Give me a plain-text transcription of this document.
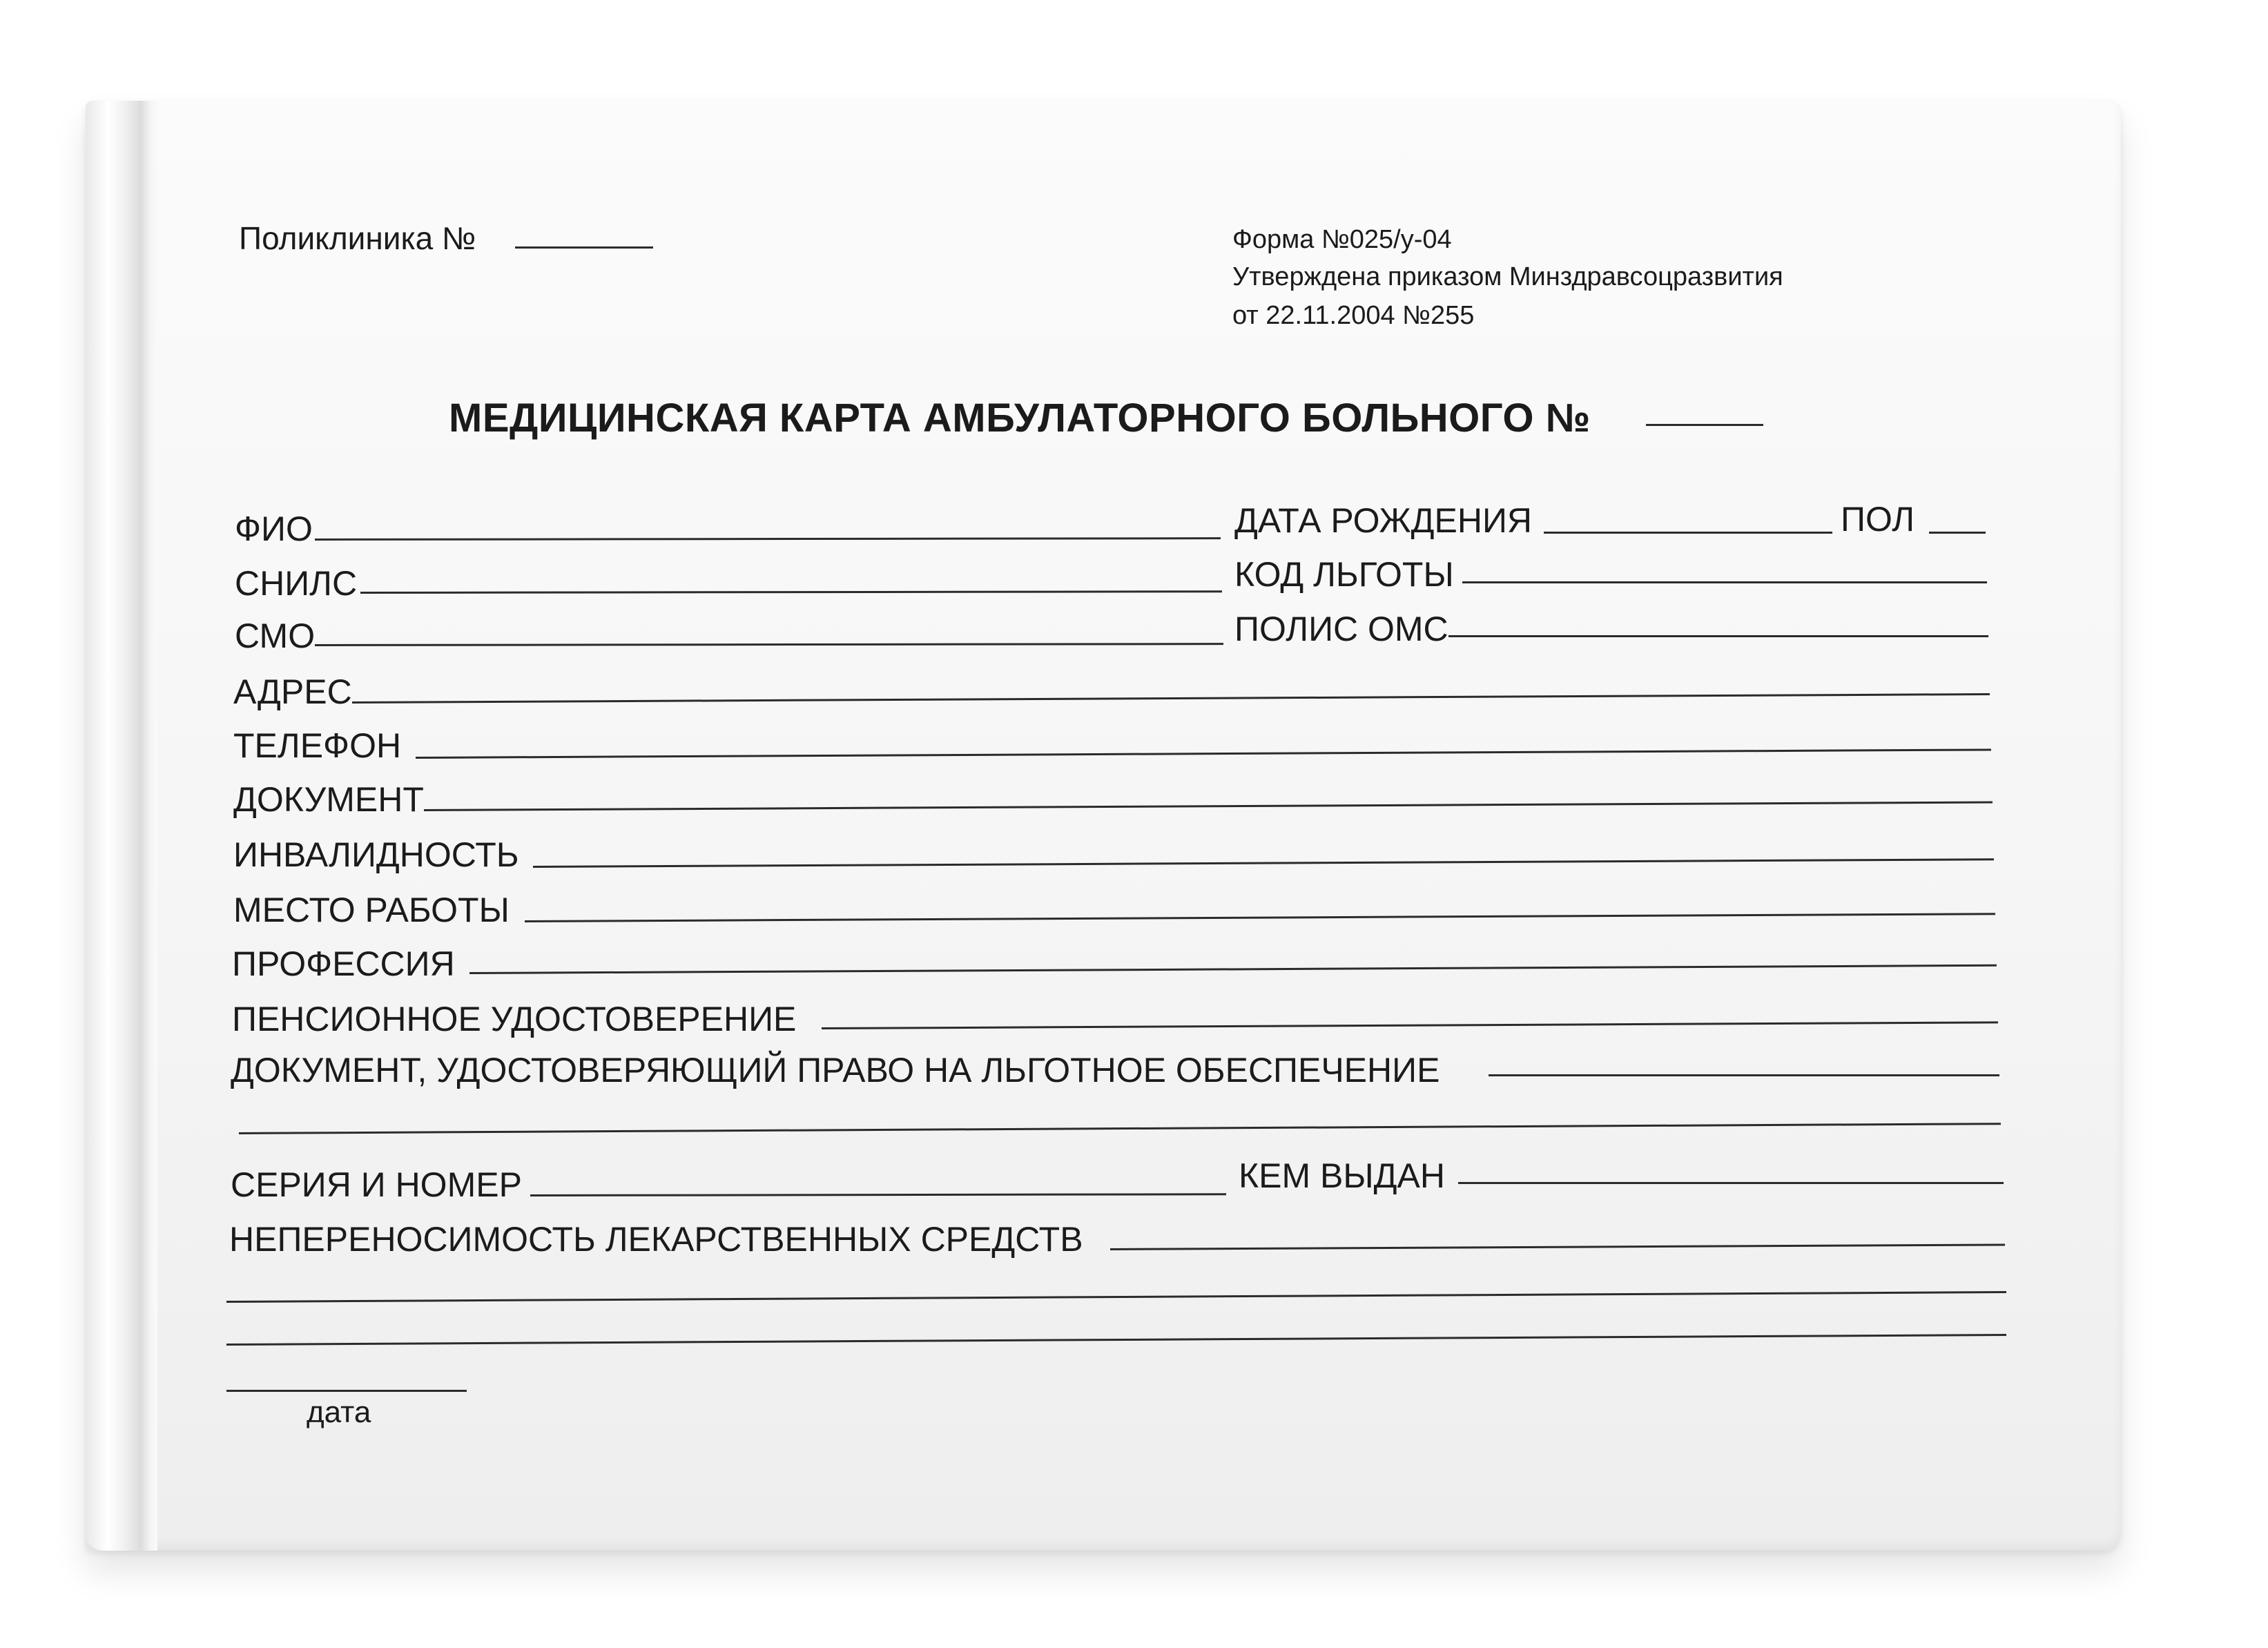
Поликлиника №	Форма №025/у-04
Утверждена приказом Минздравсоцразвития
от 22.11.2004 №255
МЕДИЦИНСКАЯ КАРТА АМБУЛАТОРНОГО БОЛЬНОГО №
ФИО	ДАТА РОЖДЕНИЯ	ПОЛ
СНИЛС	КОД ЛЬГОТЫ
СМО	ПОЛИС ОМС
АДРЕС
ТЕЛЕФОН
ДОКУМЕНТ
ИНВАЛИДНОСТЬ
МЕСТО РАБОТЫ
ПРОФЕССИЯ
ПЕНСИОННОЕ УДОСТОВЕРЕНИЕ
ДОКУМЕНТ, УДОСТОВЕРЯЮЩИЙ ПРАВО НА ЛЬГОТНОЕ ОБЕСПЕЧЕНИЕ
СЕРИЯ И НОМЕР	КЕМ ВЫДАН
НЕПЕРЕНОСИМОСТЬ ЛЕКАРСТВЕННЫХ СРЕДСТВ
дата
